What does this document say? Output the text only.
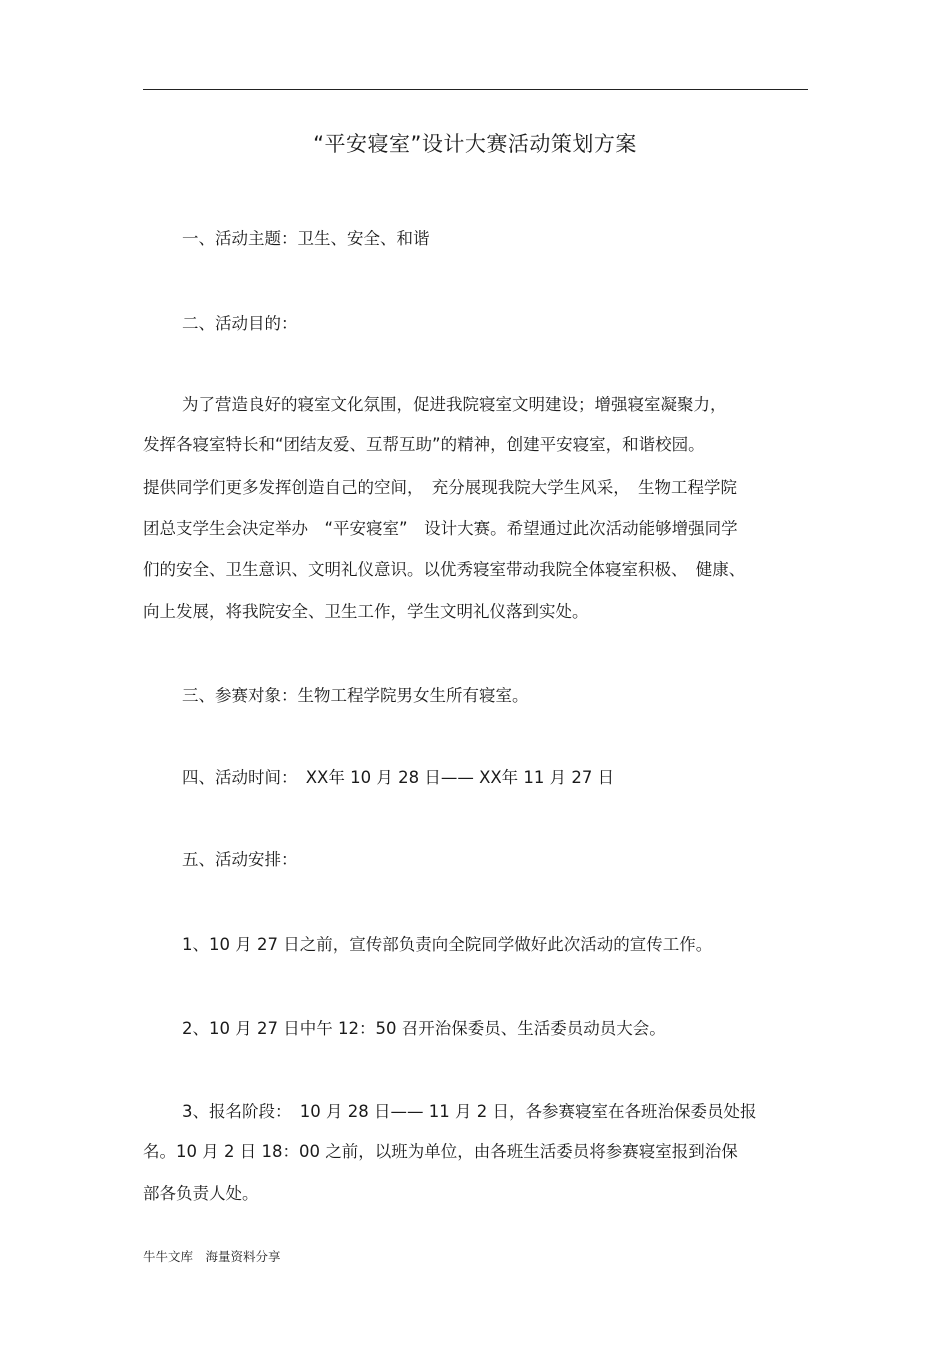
“平安寝室”设计大赛活动策划方案
一、活动主题：卫生、安全、和谐
二、活动目的：
为了营造良好的寝室文化氛围，促进我院寝室文明建设；增强寝室凝聚力，
发挥各寝室特长和“团结友爱、互帮互助”的精神，创建平安寝室，和谐校园。
提供同学们更多发挥创造自己的空间，　充分展现我院大学生风采，　生物工程学院
团总支学生会决定举办　“平安寝室”　设计大赛。希望通过此次活动能够增强同学
们的安全、卫生意识、文明礼仪意识。以优秀寝室带动我院全体寝室积极、　健康、
向上发展，将我院安全、卫生工作，学生文明礼仪落到实处。
三、参赛对象：生物工程学院男女生所有寝室。
四、活动时间：　XX年 10 月 28 日—— XX年 11 月 27 日
五、活动安排：
1、10 月 27 日之前，宣传部负责向全院同学做好此次活动的宣传工作。
2、10 月 27 日中午 12：50 召开治保委员、生活委员动员大会。
3、报名阶段：　10 月 28 日—— 11 月 2 日，各参赛寝室在各班治保委员处报
名。10 月 2 日 18：00 之前，以班为单位，由各班生活委员将参赛寝室报到治保
部各负责人处。
牛牛文库　海量资料分享
